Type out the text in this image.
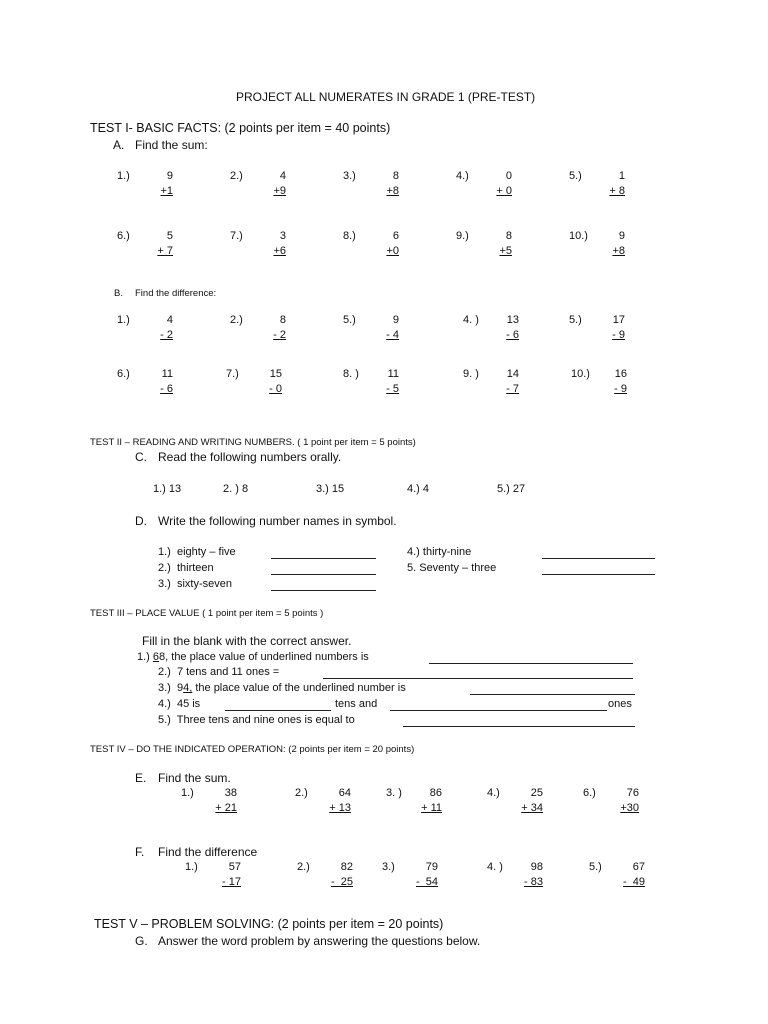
PROJECT ALL NUMERATES IN GRADE 1 (PRE-TEST)
TEST I- BASIC FACTS: (2 points per item = 40 points)
A. Find the sum:
1.)	9
+1
2.)	4
+9
3.)	8
+8
4.)	0
+ 0
5.)	1
+ 8
6.)	5
+ 7
7.)	3
+6
8.)	6
+0
9.)	8
+5
10.)	9
+8
B. Find the difference:
1.)	4
- 2
2.)	8
- 2
5.)	9
- 4
4. )	13
- 6
5.)	17
- 9
6.)	11
- 6
7.)	15
- 0
8. )	11
- 5
9. )	14
- 7
10.)	16
- 9
TEST II – READING AND WRITING NUMBERS. ( 1 point per item = 5 points)
C. Read the following numbers orally.
1.) 13	2. ) 8	3.) 15	4.) 4	5.) 27
D. Write the following number names in symbol.
1.)  eighty – five
2.)  thirteen
3.)  sixty-seven
4.) thirty-nine
5. Seventy – three
TEST III – PLACE VALUE ( 1 point per item = 5 points )
Fill in the blank with the correct answer.
1.) 68, the place value of underlined numbers is
2.)  7 tens and 11 ones =
3.) 94, the place value of the underlined number is
4.)  45 is	tens and	ones
5.)  Three tens and nine ones is equal to
TEST IV – DO THE INDICATED OPERATION: (2 points per item = 20 points)
E. Find the sum.
1.)	38
+ 21
2.)	64
+ 13
3. )	86
+ 11
4.)	25
+ 34
6.)	76
+30
F. Find the difference
1.)	57
- 17
2.)	82
-  25
3.)	79
-  54
4. )	98
- 83
5.)	67
-  49
TEST V – PROBLEM SOLVING: (2 points per item = 20 points)
G. Answer the word problem by answering the questions below.
